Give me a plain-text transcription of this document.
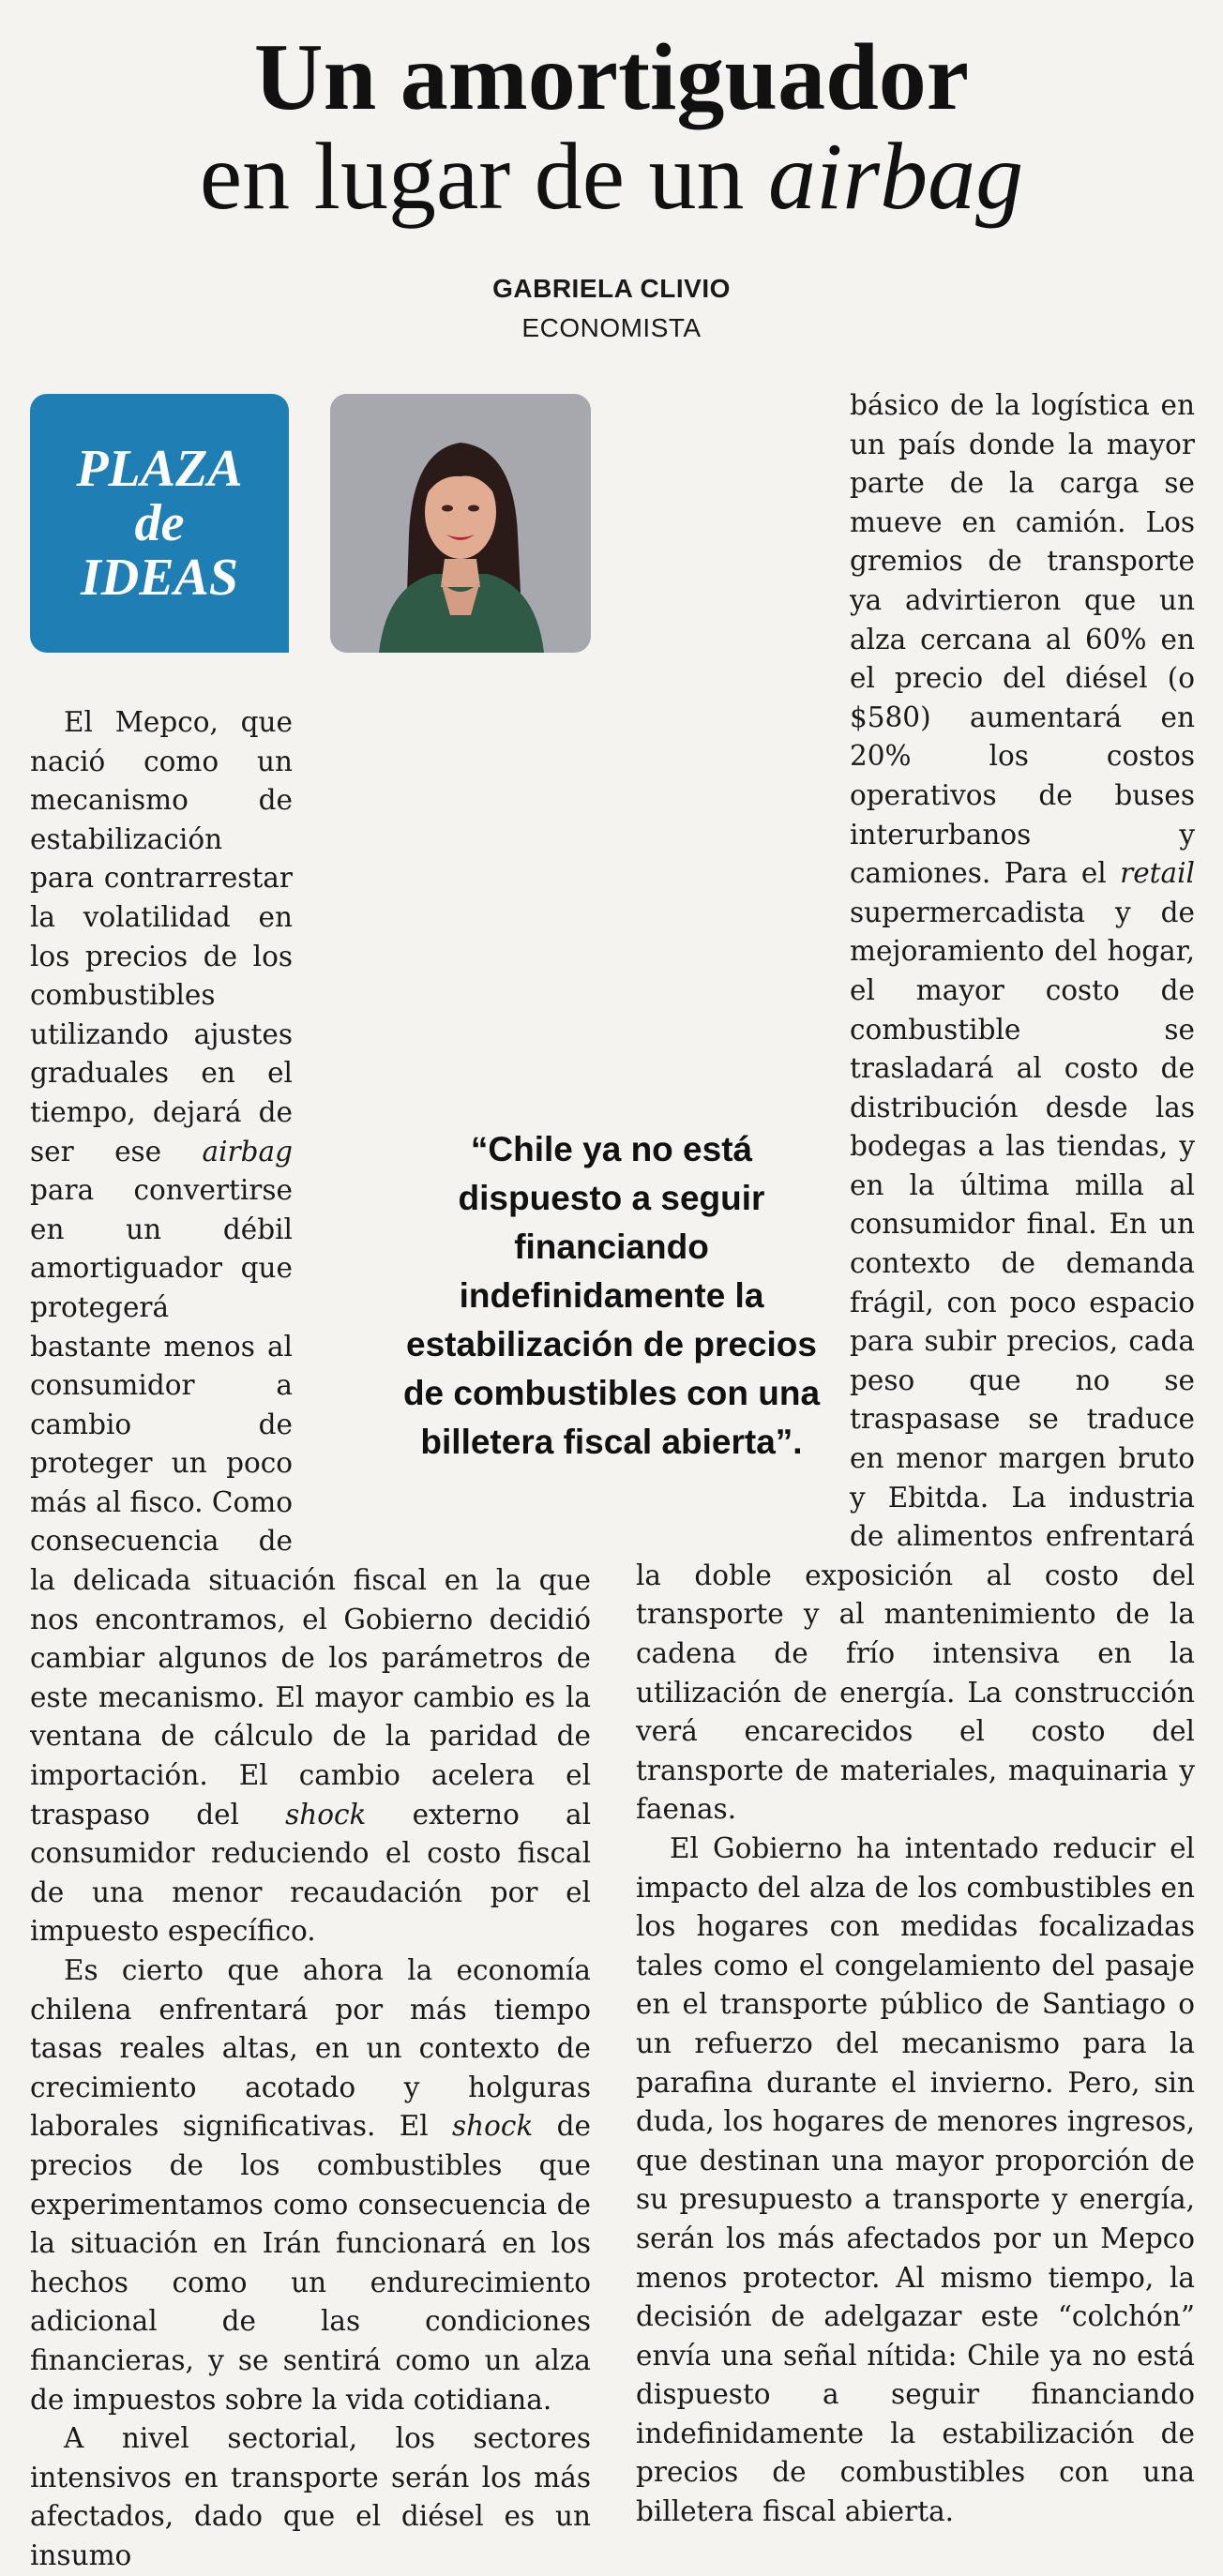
Un amortiguador
en lugar de un airbag
GABRIELA CLIVIO
ECONOMISTA
PLAZA
de
IDEAS

El Mepco, que nació como un mecanismo de estabilización para contrarrestar la volatilidad en los precios de los combustibles utilizando ajustes graduales en el tiempo, dejará de ser ese airbag para convertirse en un débil amortiguador que protegerá bastante menos al consumidor a cambio de proteger un poco más al fisco. Como consecuencia de la delicada situación fiscal en la que nos encontramos, el Gobierno decidió cambiar algunos de los parámetros de este mecanismo. El mayor cambio es la ventana de cálculo de la paridad de importación. El cambio acelera el traspaso del shock externo al consumidor reduciendo el costo fiscal de una menor recaudación por el impuesto específico.

Es cierto que ahora la economía chilena enfrentará por más tiempo tasas reales altas, en un contexto de crecimiento acotado y holguras laborales significativas. El shock de precios de los combustibles que experimentamos como consecuencia de la situación en Irán funcionará en los hechos como un endurecimiento adicional de las condiciones financieras, y se sentirá como un alza de impuestos sobre la vida cotidiana.

A nivel sectorial, los sectores intensivos en transporte serán los más afectados, dado que el diésel es un insumo

básico de la logística en un país donde la mayor parte de la carga se mueve en camión. Los gremios de transporte ya advirtieron que un alza cercana al 60% en el precio del diésel (o $580) aumentará en 20% los costos operativos de buses interurbanos y camiones. Para el retail supermercadista y de mejoramiento del hogar, el mayor costo de combustible se trasladará al costo de distribución desde las bodegas a las tiendas, y en la última milla al consumidor final. En un contexto de demanda frágil, con poco espacio para subir precios, cada peso que no se traspasase se traduce en menor margen bruto y Ebitda. La industria de alimentos enfrentará la doble exposición al costo del transporte y al mantenimiento de la cadena de frío intensiva en la utilización de energía. La construcción verá encarecidos el costo del transporte de materiales, maquinaria y faenas.

El Gobierno ha intentado reducir el impacto del alza de los combustibles en los hogares con medidas focalizadas tales como el congelamiento del pasaje en el transporte público de Santiago o un refuerzo del mecanismo para la parafina durante el invierno. Pero, sin duda, los hogares de menores ingresos, que destinan una mayor proporción de su presupuesto a transporte y energía, serán los más afectados por un Mepco menos protector. Al mismo tiempo, la decisión de adelgazar este “colchón” envía una señal nítida: Chile ya no está dispuesto a seguir financiando indefinidamente la estabilización de precios de combustibles con una billetera fiscal abierta.

“Chile ya no está dispuesto a seguir financiando indefinidamente la estabilización de precios de combustibles con una billetera fiscal abierta”.
